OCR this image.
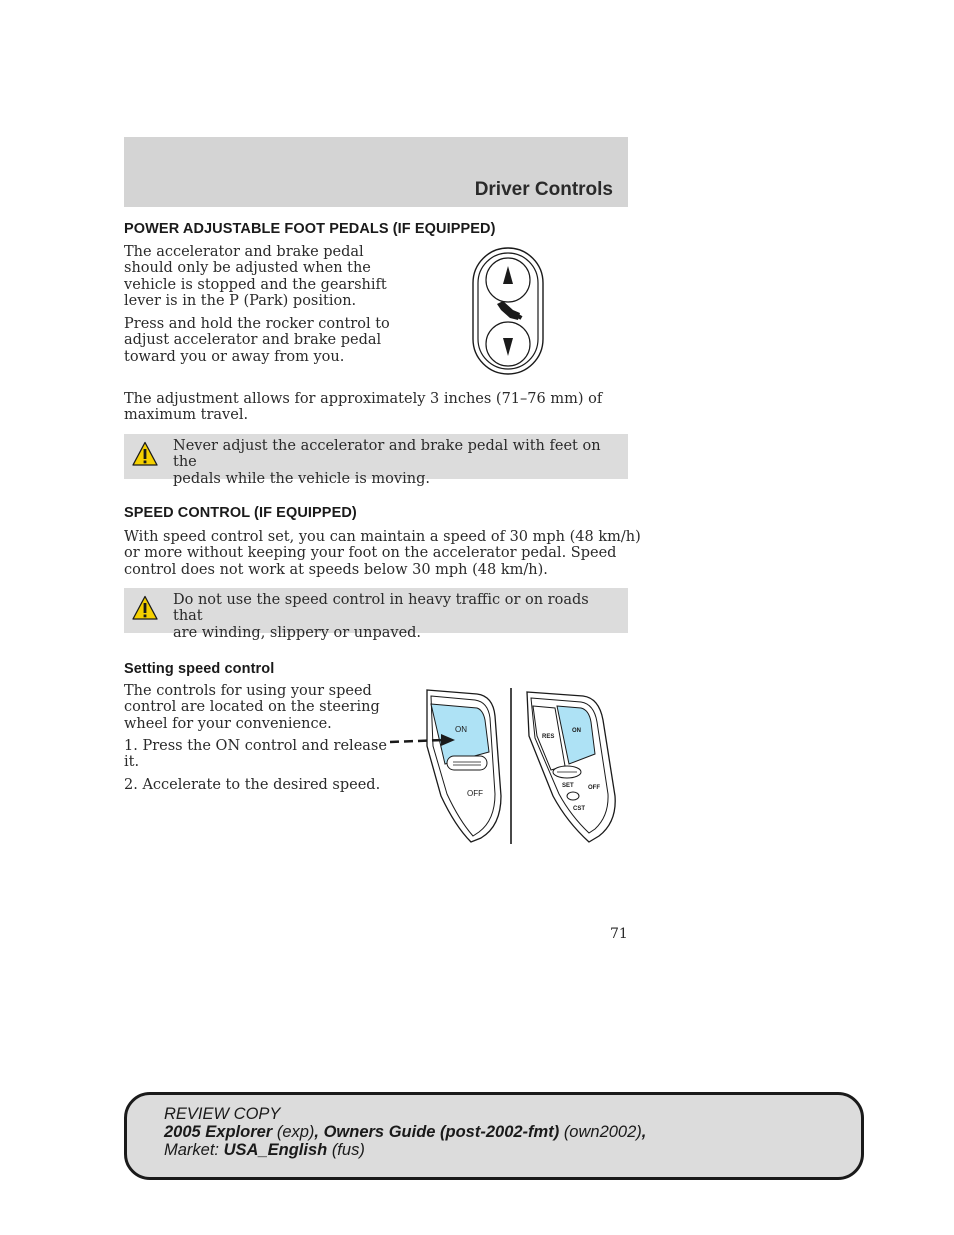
Driver Controls
POWER ADJUSTABLE FOOT PEDALS (IF EQUIPPED)

The accelerator and brake pedal
should only be adjusted when the
vehicle is stopped and the gearshift
lever is in the P (Park) position.

Press and hold the rocker control to
adjust accelerator and brake pedal
toward you or away from you.

The adjustment allows for approximately 3 inches (71–76 mm) of
maximum travel.

Never adjust the accelerator and brake pedal with feet on the
pedals while the vehicle is moving.
SPEED CONTROL (IF EQUIPPED)

With speed control set, you can maintain a speed of 30 mph (48 km/h)
or more without keeping your foot on the accelerator pedal. Speed
control does not work at speeds below 30 mph (48 km/h).

Do not use the speed control in heavy traffic or on roads that
are winding, slippery or unpaved.
Setting speed control

The controls for using your speed
control are located on the steering
wheel for your convenience.

1. Press the ON control and release
it.

2. Accelerate to the desired speed.

ON
OFF
RES
ON
SET OFF
CST
71
REVIEW COPY
2005 Explorer (exp), Owners Guide (post-2002-fmt) (own2002),
Market: USA_English (fus)
